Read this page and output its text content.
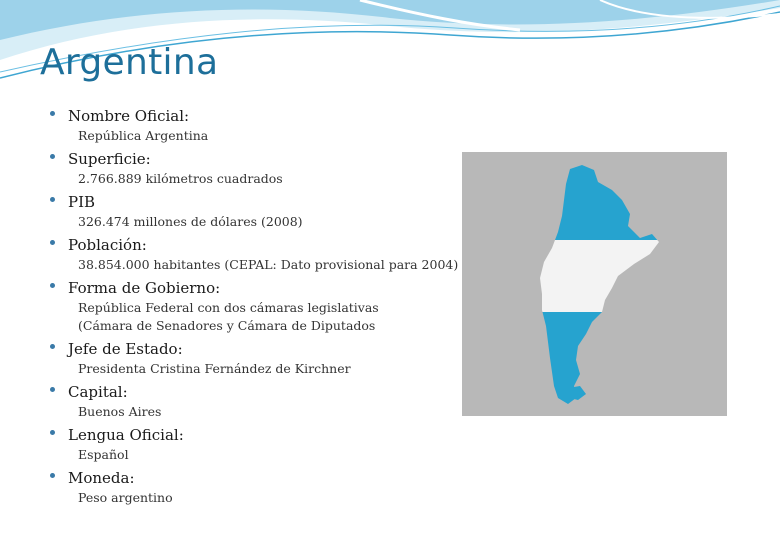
Argentina
Nombre Oficial:
República Argentina
Superficie:
2.766.889 kilómetros cuadrados
PIB
326.474 millones de dólares (2008)
Población:
38.854.000 habitantes (CEPAL: Dato provisional para 2004)
Forma de Gobierno:
República Federal con dos cámaras legislativas
(Cámara de Senadores y Cámara de Diputados
Jefe de Estado:
Presidenta Cristina Fernández de Kirchner
Capital:
Buenos Aires
Lengua Oficial:
Español
Moneda:
Peso argentino
